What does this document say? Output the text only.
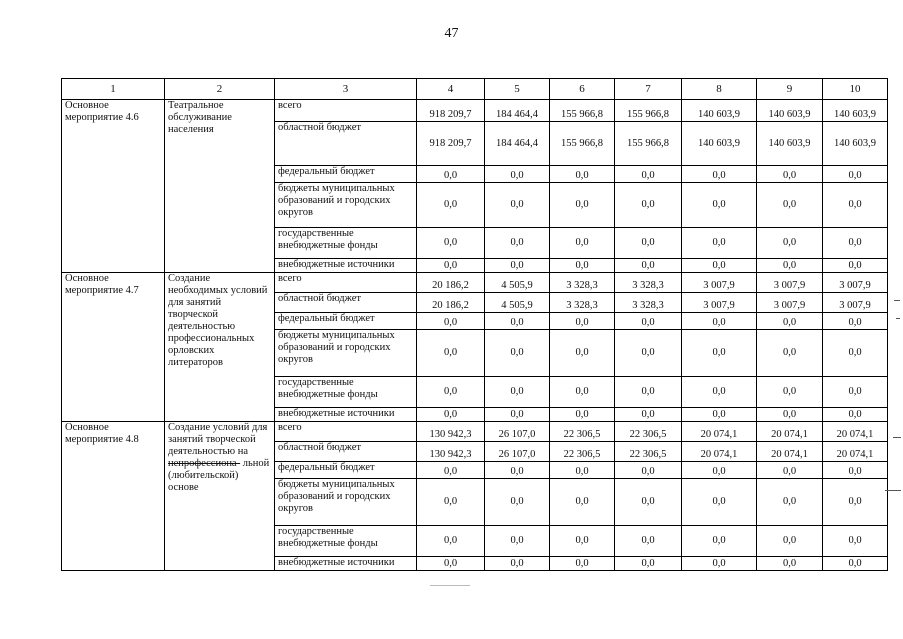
47
1	2	3	4	5	6	7	8	9	10
Основное мероприятие 4.6	Театральное обслуживание населения	всего	918 209,7	184 464,4	155 966,8	155 966,8	140 603,9	140 603,9	140 603,9
		областной бюджет	918 209,7	184 464,4	155 966,8	155 966,8	140 603,9	140 603,9	140 603,9
		федеральный бюджет	0,0	0,0	0,0	0,0	0,0	0,0	0,0
		бюджеты муниципальных образований и городских округов	0,0	0,0	0,0	0,0	0,0	0,0	0,0
		государственные внебюджетные фонды	0,0	0,0	0,0	0,0	0,0	0,0	0,0
		внебюджетные источники	0,0	0,0	0,0	0,0	0,0	0,0	0,0
Основное мероприятие 4.7	Создание необходимых условий для занятий творческой деятельностью профессиональных орловских литераторов	всего	20 186,2	4 505,9	3 328,3	3 328,3	3 007,9	3 007,9	3 007,9
		областной бюджет	20 186,2	4 505,9	3 328,3	3 328,3	3 007,9	3 007,9	3 007,9
		федеральный бюджет	0,0	0,0	0,0	0,0	0,0	0,0	0,0
		бюджеты муниципальных образований и городских округов	0,0	0,0	0,0	0,0	0,0	0,0	0,0
		государственные внебюджетные фонды	0,0	0,0	0,0	0,0	0,0	0,0	0,0
		внебюджетные источники	0,0	0,0	0,0	0,0	0,0	0,0	0,0
Основное мероприятие 4.8	Создание условий для занятий творческой деятельностью на непрофессиона- льной (любительской) основе	всего	130 942,3	26 107,0	22 306,5	22 306,5	20 074,1	20 074,1	20 074,1
		областной бюджет	130 942,3	26 107,0	22 306,5	22 306,5	20 074,1	20 074,1	20 074,1
		федеральный бюджет	0,0	0,0	0,0	0,0	0,0	0,0	0,0
		бюджеты муниципальных образований и городских округов	0,0	0,0	0,0	0,0	0,0	0,0	0,0
		государственные внебюджетные фонды	0,0	0,0	0,0	0,0	0,0	0,0	0,0
		внебюджетные источники	0,0	0,0	0,0	0,0	0,0	0,0	0,0
